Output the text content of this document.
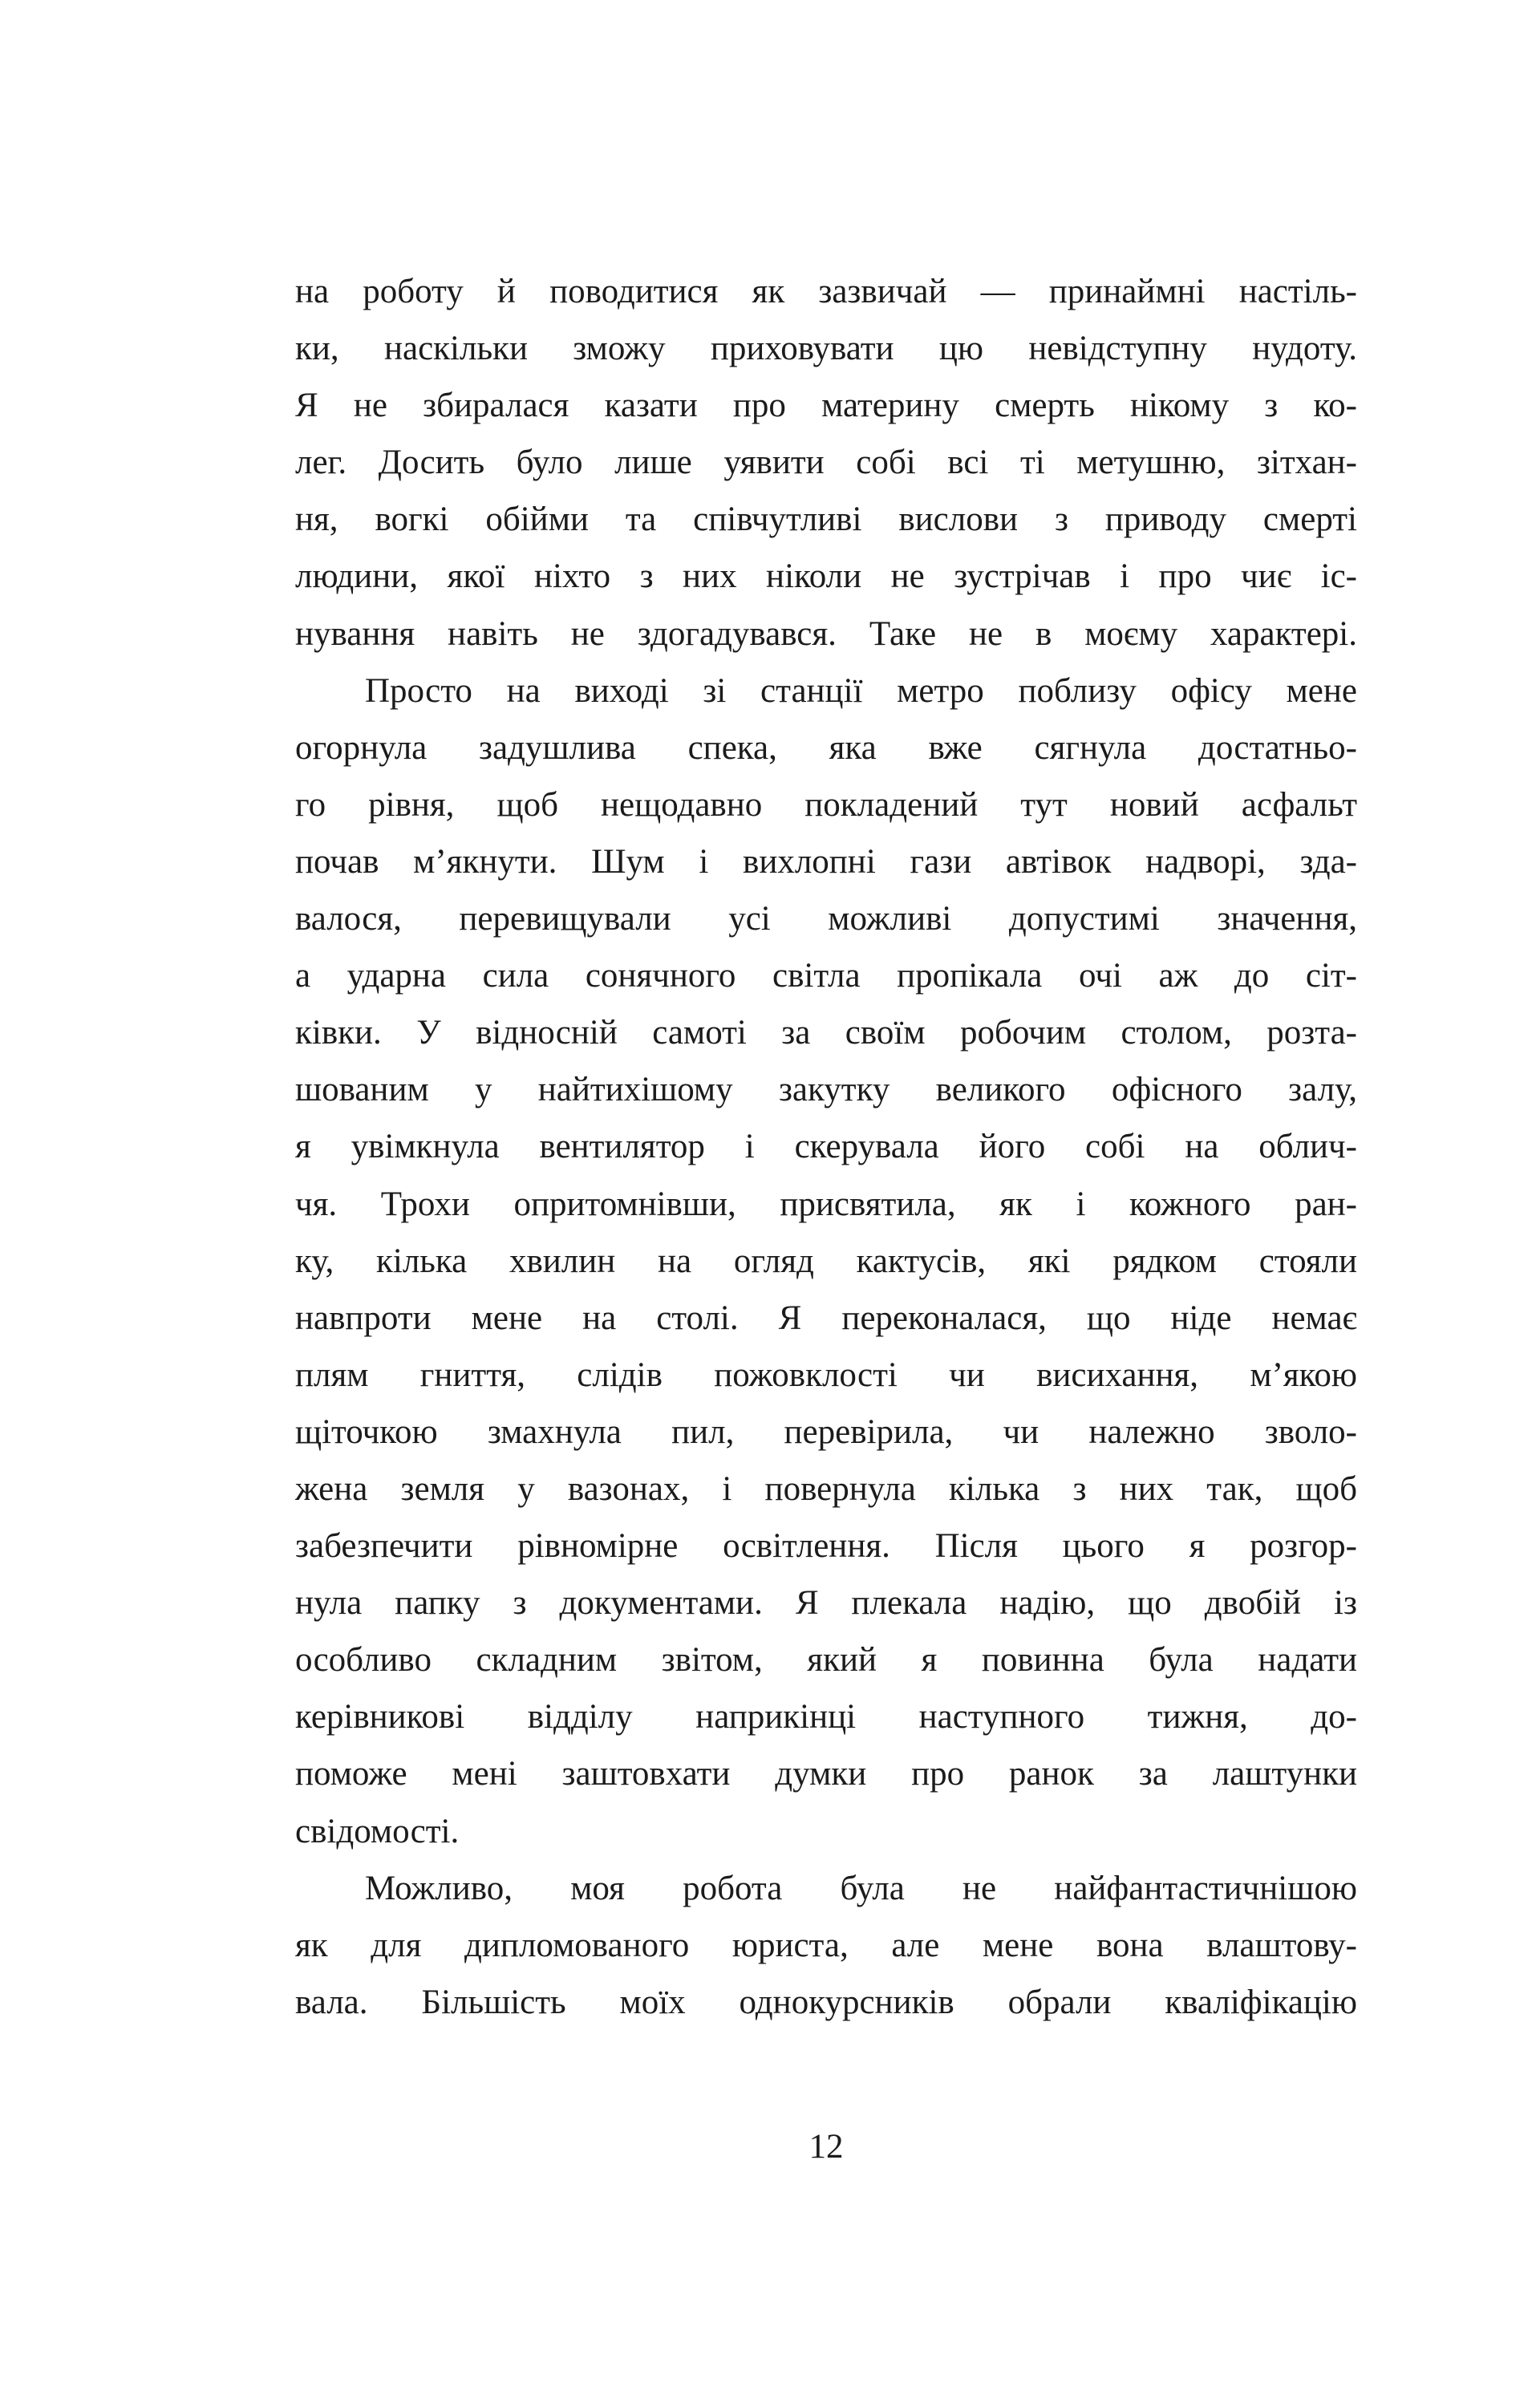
на роботу й поводитися як зазвичай — принаймні настіль-
ки, наскільки зможу приховувати цю невідступну нудоту.
Я не збиралася казати про материну смерть нікому з ко-
лег. Досить було лише уявити собі всі ті метушню, зітхан-
ня, вогкі обійми та співчутливі вислови з приводу смерті
людини, якої ніхто з них ніколи не зустрічав і про чиє іс-
нування навіть не здогадувався. Таке не в моєму характері.
Просто на виході зі станції метро поблизу офісу мене
огорнула задушлива спека, яка вже сягнула достатньо-
го рівня, щоб нещодавно покладений тут новий асфальт
почав м’якнути. Шум і вихлопні гази автівок надворі, зда-
валося, перевищували усі можливі допустимі значення,
а ударна сила сонячного світла пропікала очі аж до сіт-
ківки. У відносній самоті за своїм робочим столом, розта-
шованим у найтихішому закутку великого офісного залу,
я увімкнула вентилятор і скерувала його собі на облич-
чя. Трохи опритомнівши, присвятила, як і кожного ран-
ку, кілька хвилин на огляд кактусів, які рядком стояли
навпроти мене на столі. Я переконалася, що ніде немає
плям гниття, слідів пожовклості чи висихання, м’якою
щіточкою змахнула пил, перевірила, чи належно зволо-
жена земля у вазонах, і повернула кілька з них так, щоб
забезпечити рівномірне освітлення. Після цього я розгор-
нула папку з документами. Я плекала надію, що двобій із
особливо складним звітом, який я повинна була надати
керівникові відділу наприкінці наступного тижня, до-
поможе мені заштовхати думки про ранок за лаштунки
свідомості.
Можливо, моя робота була не найфантастичнішою
як для дипломованого юриста, але мене вона влаштову-
вала. Більшість моїх однокурсників обрали кваліфікацію
12
